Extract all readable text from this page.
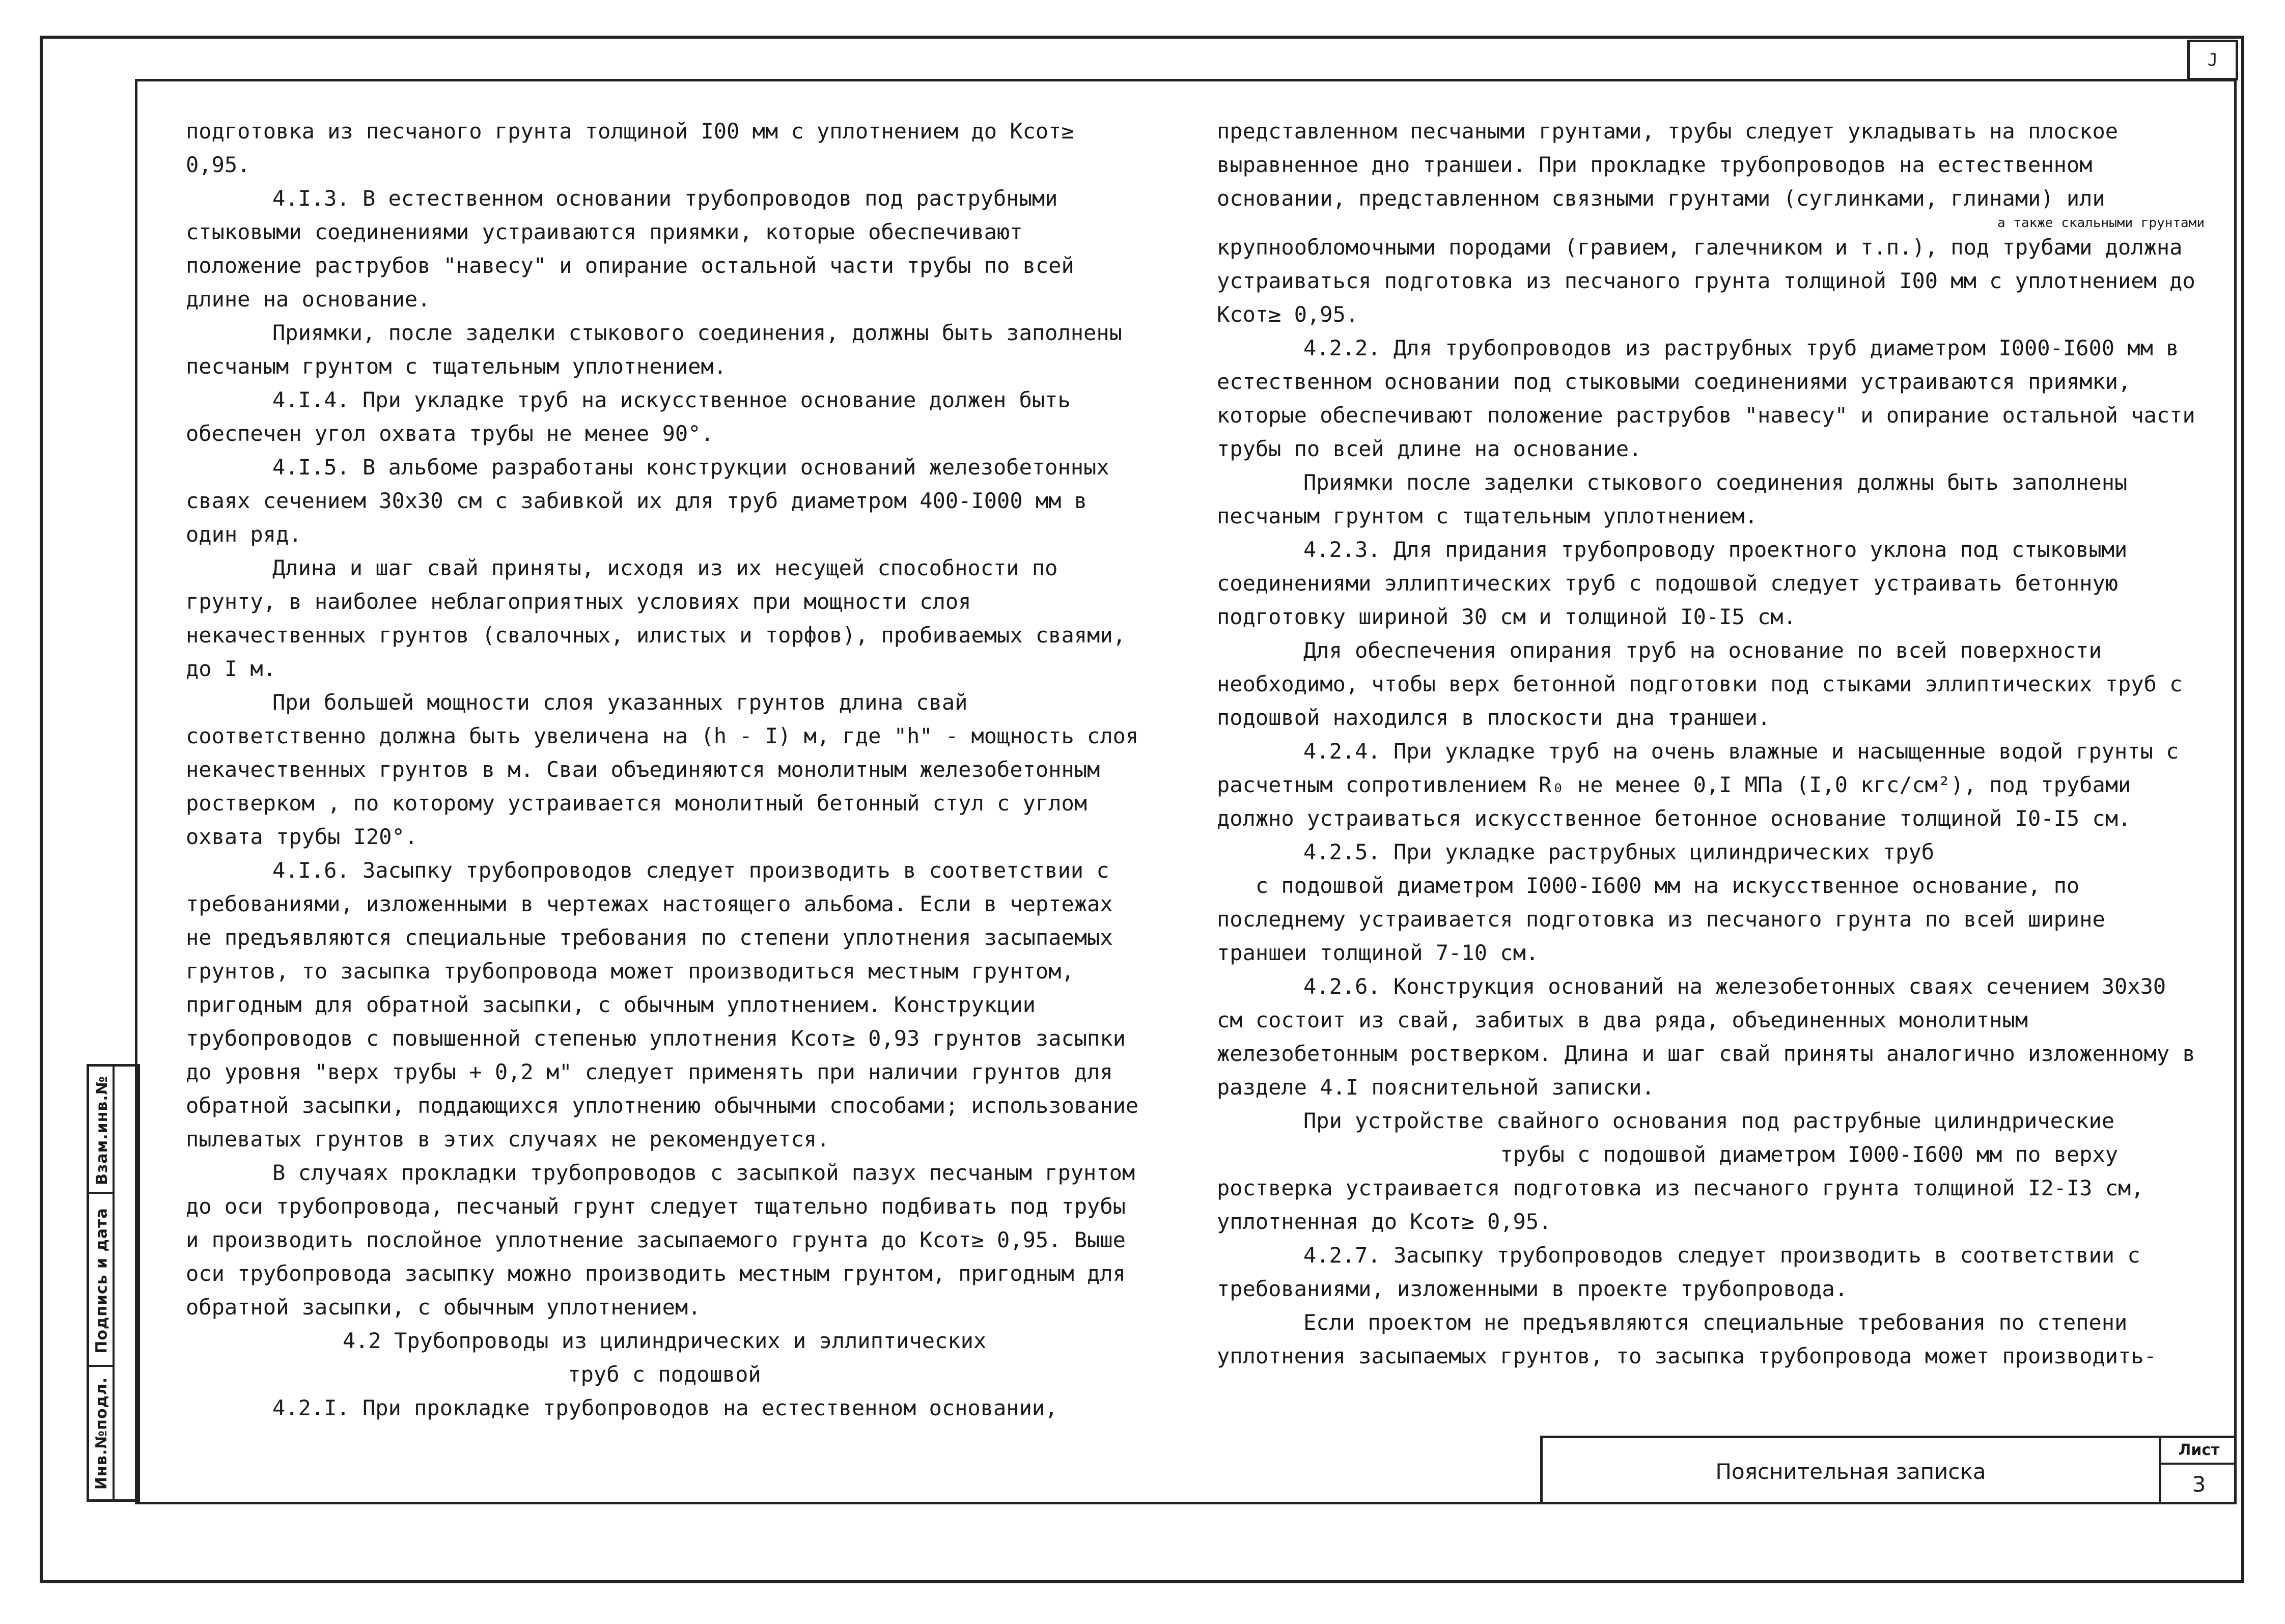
J
Взам.инв.№
Подпись и дата
Инв.№подл.

подготовка из песчаного грунта толщиной I00 мм с уплотнением до Kсот≥ 0,95.

4.I.3. В естественном основании трубопроводов под раструбными стыковыми соединениями устраиваются приямки, которые обеспечивают положение раструбов "навесу" и опирание остальной части трубы по всей длине на основание.

Приямки, после заделки стыкового соединения, должны быть заполнены песчаным грунтом с тщательным уплотнением.

4.I.4. При укладке труб на искусственное основание должен быть обеспечен угол охвата трубы не менее 90°.

4.I.5. В альбоме разработаны конструкции оснований железобетонных сваях сечением 30х30 см с забивкой их для труб диаметром 400-I000 мм в один ряд.

Длина и шаг свай приняты, исходя из их несущей способности по грунту, в наиболее неблагоприятных условиях при мощности слоя некачественных грунтов (свалочных, илистых и торфов), пробиваемых сваями, до I м.

При большей мощности слоя указанных грунтов длина свай соответственно должна быть увеличена на (h - I) м, где "h" - мощность слоя некачественных грунтов в м. Сваи объединяются монолитным железобетонным ростверком , по которому устраивается монолитный бетонный стул с углом охвата трубы I20°.

4.I.6. Засыпку трубопроводов следует производить в соответствии с требованиями, изложенными в чертежах настоящего альбома. Если в чертежах не предъявляются специальные требования по степени уплотнения засыпаемых грунтов, то засыпка трубопровода может производиться местным грунтом, пригодным для обратной засыпки, с обычным уплотнением. Конструкции трубопроводов с повышенной степенью уплотнения Kсот≥ 0,93 грунтов засыпки до уровня "верх трубы + 0,2 м" следует применять при наличии грунтов для обратной засыпки, поддающихся уплотнению обычными способами; использование пылеватых грунтов в этих случаях не рекомендуется.

В случаях прокладки трубопроводов с засыпкой пазух песчаным грунтом до оси трубопровода, песчаный грунт следует тщательно подбивать под трубы и производить послойное уплотнение засыпаемого грунта до Kсот≥ 0,95. Выше оси трубопровода засыпку можно производить местным грунтом, пригодным для обратной засыпки, с обычным уплотнением.

4.2 Трубопроводы из цилиндрических и эллиптических
труб с подошвой

4.2.I. При прокладке трубопроводов на естественном основании,

представленном песчаными грунтами, трубы следует укладывать на плоское выравненное дно траншеи. При прокладке трубопроводов на естественном основании, представленном связными грунтами (суглинками, глинами) или

а также скальными грунтами

крупнообломочными породами (гравием, галечником и т.п.), под трубами должна устраиваться подготовка из песчаного грунта толщиной I00 мм с уплотнением до Kсот≥ 0,95.

4.2.2. Для трубопроводов из раструбных труб диаметром I000-I600 мм в естественном основании под стыковыми соединениями устраиваются приямки, которые обеспечивают положение раструбов "навесу" и опирание остальной части трубы по всей длине на основание.

Приямки после заделки стыкового соединения должны быть заполнены песчаным грунтом с тщательным уплотнением.

4.2.3. Для придания трубопроводу проектного уклона под стыковыми соединениями эллиптических труб с подошвой следует устраивать бетонную подготовку шириной 30 см и толщиной I0-I5 см.

Для обеспечения опирания труб на основание по всей поверхности необходимо, чтобы верх бетонной подготовки под стыками эллиптических труб с подошвой находился в плоскости дна траншеи.

4.2.4. При укладке труб на очень влажные и насыщенные водой грунты с расчетным сопротивлением R₀ не менее 0,I МПа (I,0 кгс/см²), под трубами должно устраиваться искусственное бетонное основание толщиной I0-I5 см.

4.2.5. При укладке раструбных цилиндрических труб
с подошвой диаметром I000-I600 мм на искусственное основание, по последнему устраивается подготовка из песчаного грунта по всей ширине траншеи толщиной 7-10 см.

4.2.6. Конструкция оснований на железобетонных сваях сечением 30х30 см состоит из свай, забитых в два ряда, объединенных монолитным железобетонным ростверком. Длина и шаг свай приняты аналогично изложенному в разделе 4.I пояснительной записки.

При устройстве свайного основания под раструбные цилиндрические
трубы с подошвой диаметром I000-I600 мм по верху ростверка устраивается подготовка из песчаного грунта толщиной I2-I3 см, уплотненная до Kсот≥ 0,95.

4.2.7. Засыпку трубопроводов следует производить в соответствии с требованиями, изложенными в проекте трубопровода.

Если проектом не предъявляются специальные требования по степени уплотнения засыпаемых грунтов, то засыпка трубопровода может производить-

Пояснительная записка
Лист
3
